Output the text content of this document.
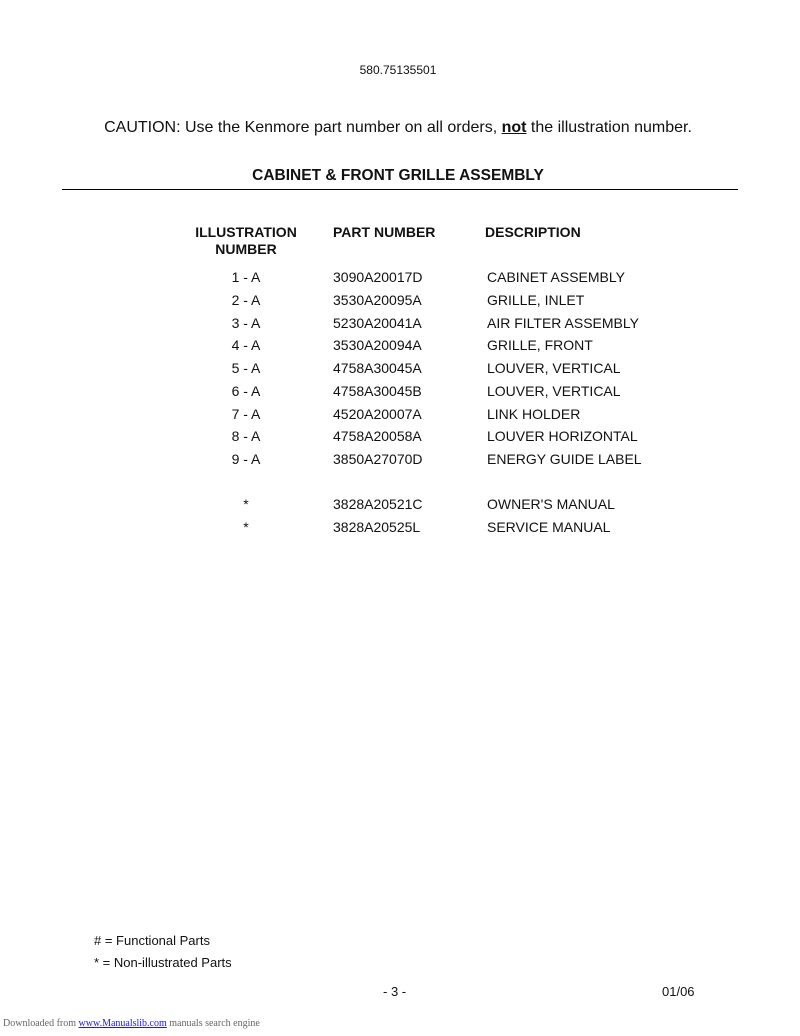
580.75135501
CAUTION: Use the Kenmore part number on all orders, not the illustration number.
CABINET & FRONT GRILLE ASSEMBLY
ILLUSTRATION
NUMBER
PART NUMBER	DESCRIPTION
1 - A	3090A20017D	CABINET ASSEMBLY
2 - A	3530A20095A	GRILLE, INLET
3 - A	5230A20041A	AIR FILTER ASSEMBLY
4 - A	3530A20094A	GRILLE, FRONT
5 - A	4758A30045A	LOUVER, VERTICAL
6 - A	4758A30045B	LOUVER, VERTICAL
7 - A	4520A20007A	LINK HOLDER
8 - A	4758A20058A	LOUVER HORIZONTAL
9 - A	3850A27070D	ENERGY GUIDE LABEL
*	3828A20521C	OWNER'S MANUAL
*	3828A20525L	SERVICE MANUAL
# = Functional Parts
* = Non-illustrated Parts
- 3 -	01/06
Downloaded from www.Manualslib.com manuals search engine
